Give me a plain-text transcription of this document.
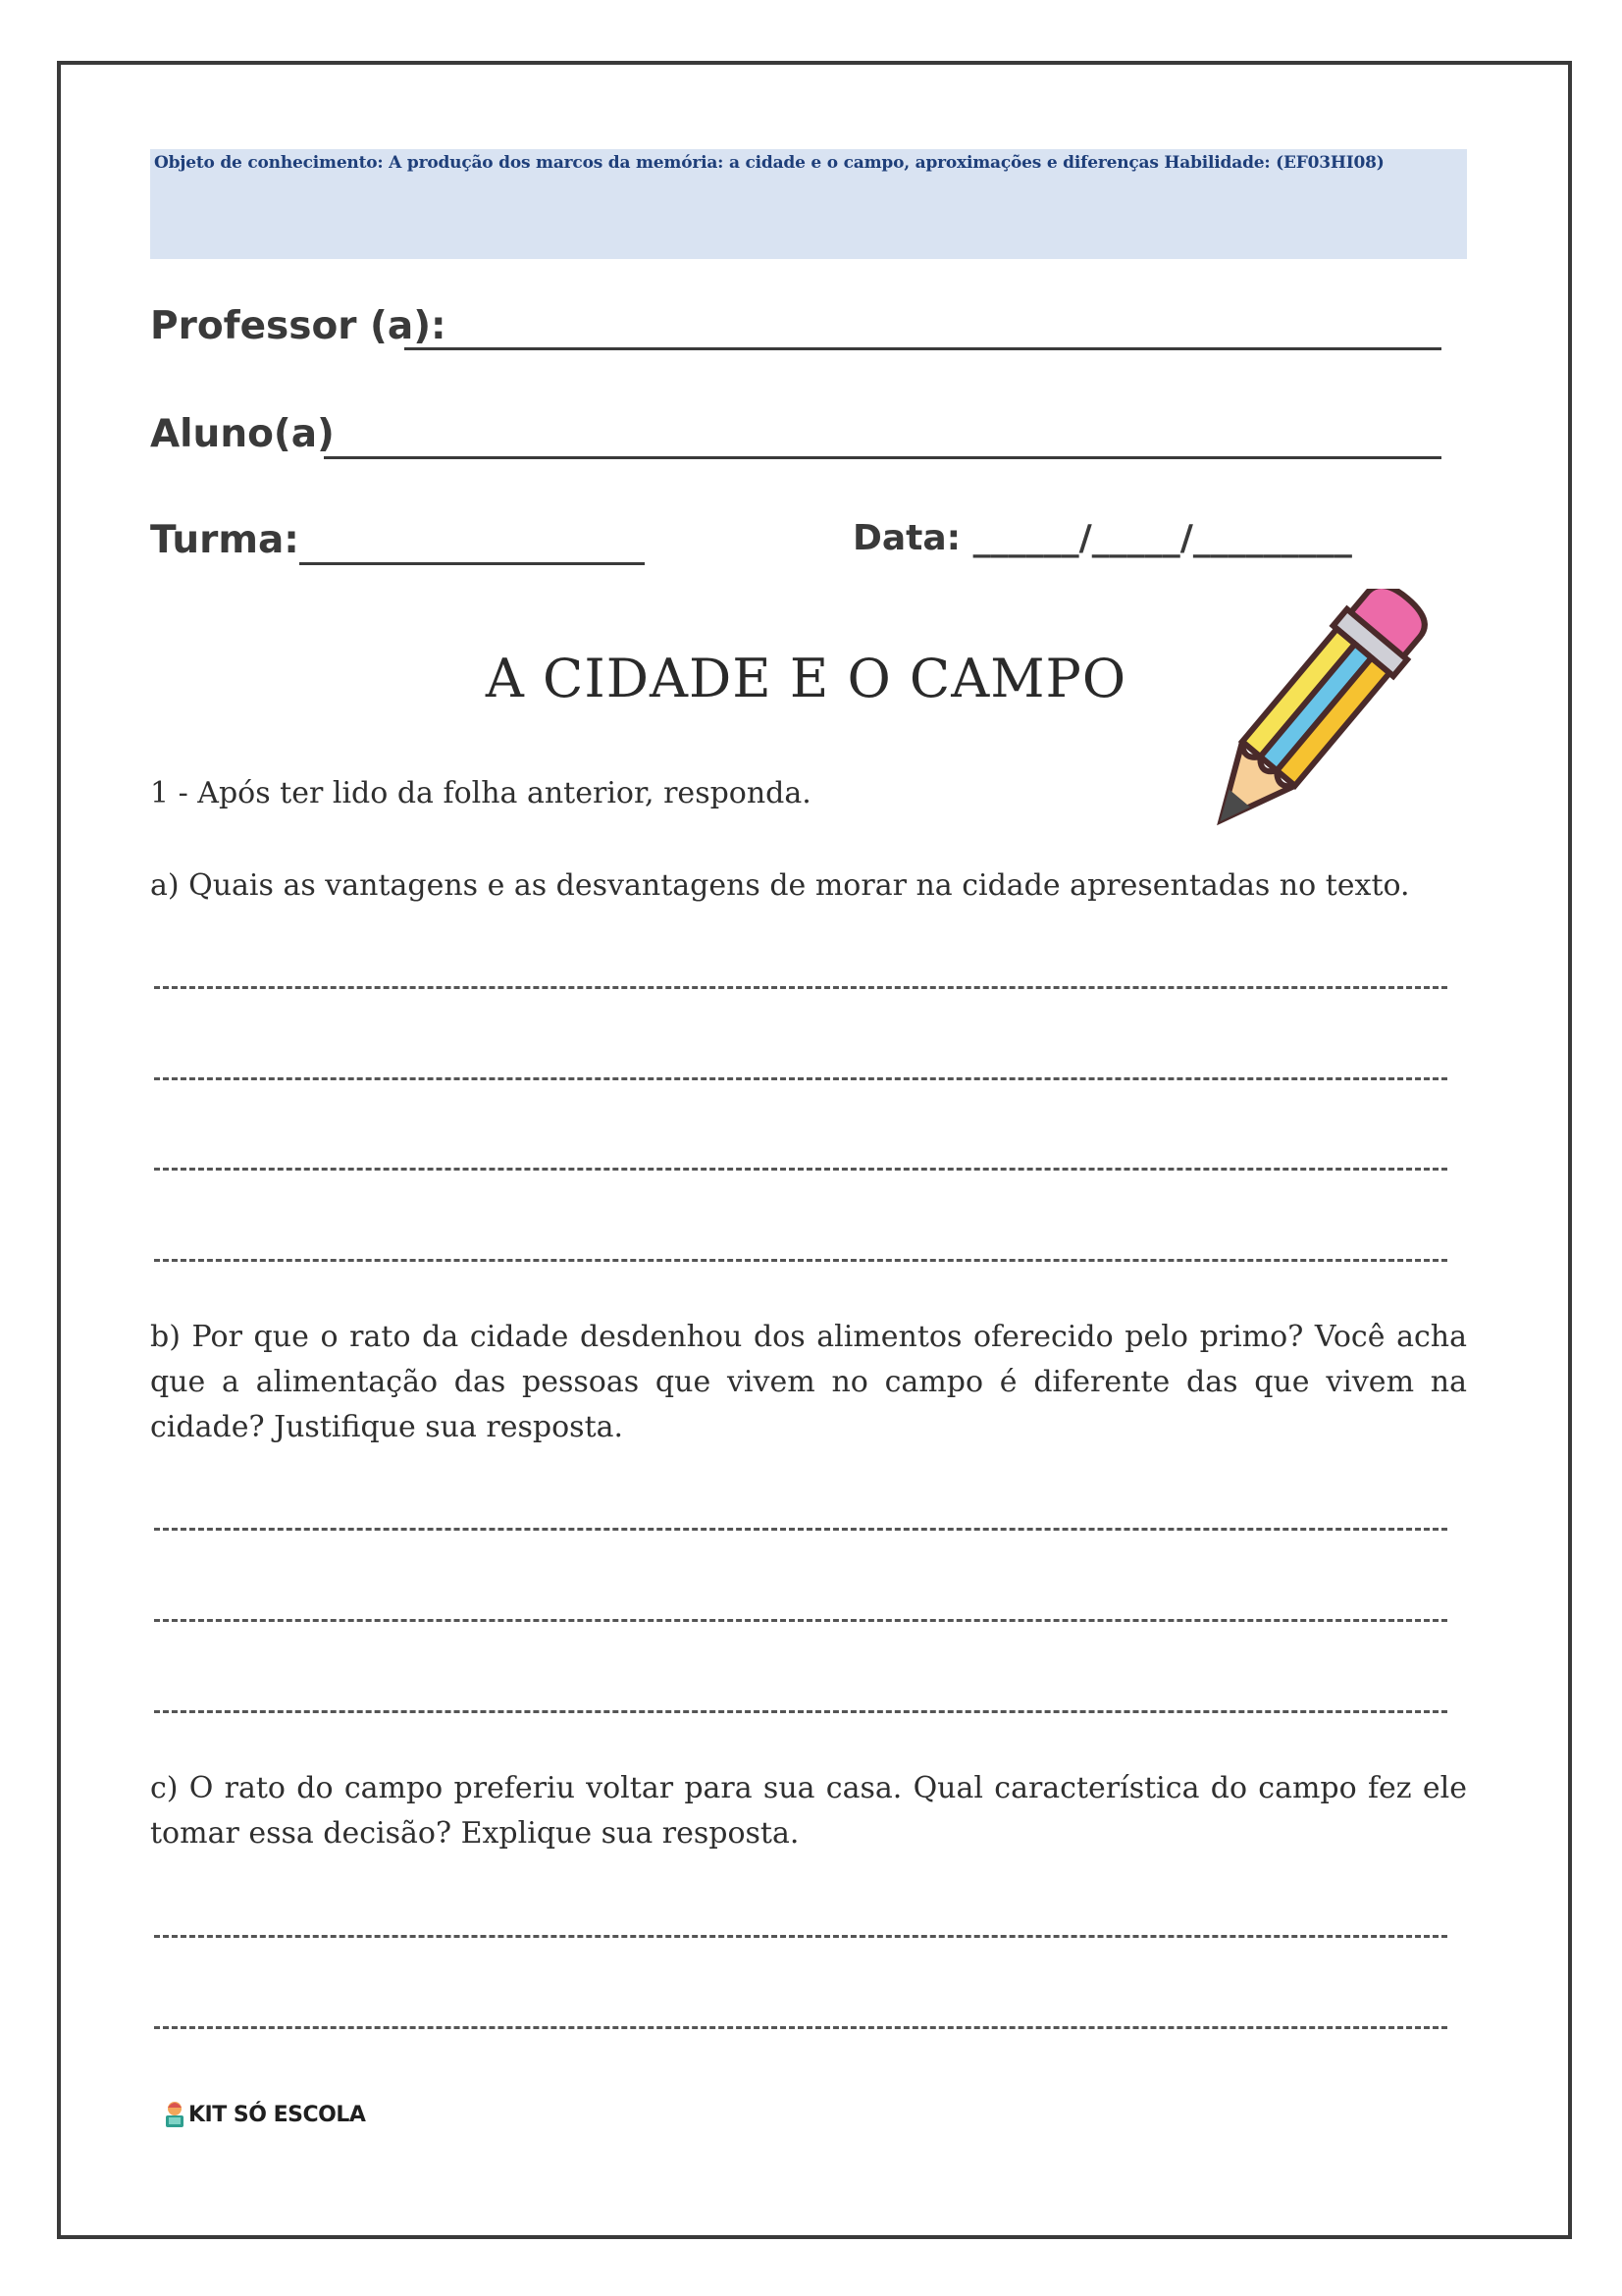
Objeto de conhecimento: A produção dos marcos da memória: a cidade e o campo, aproximações e diferenças Habilidade: (EF03HI08)
Professor (a):
Aluno(a)
Turma:	Data: ______/_____/_________
A CIDADE E O CAMPO
1 - Após ter lido da folha anterior, responda.
a) Quais as vantagens e as desvantagens de morar na cidade apresentadas no texto.
b) Por que o rato da cidade desdenhou dos alimentos oferecido pelo primo? Você acha que a alimentação das pessoas que vivem no campo é diferente das que vivem na cidade? Justifique sua resposta.
c) O rato do campo preferiu voltar para sua casa. Qual característica do campo fez ele tomar essa decisão? Explique sua resposta.
KIT SÓ ESCOLA
